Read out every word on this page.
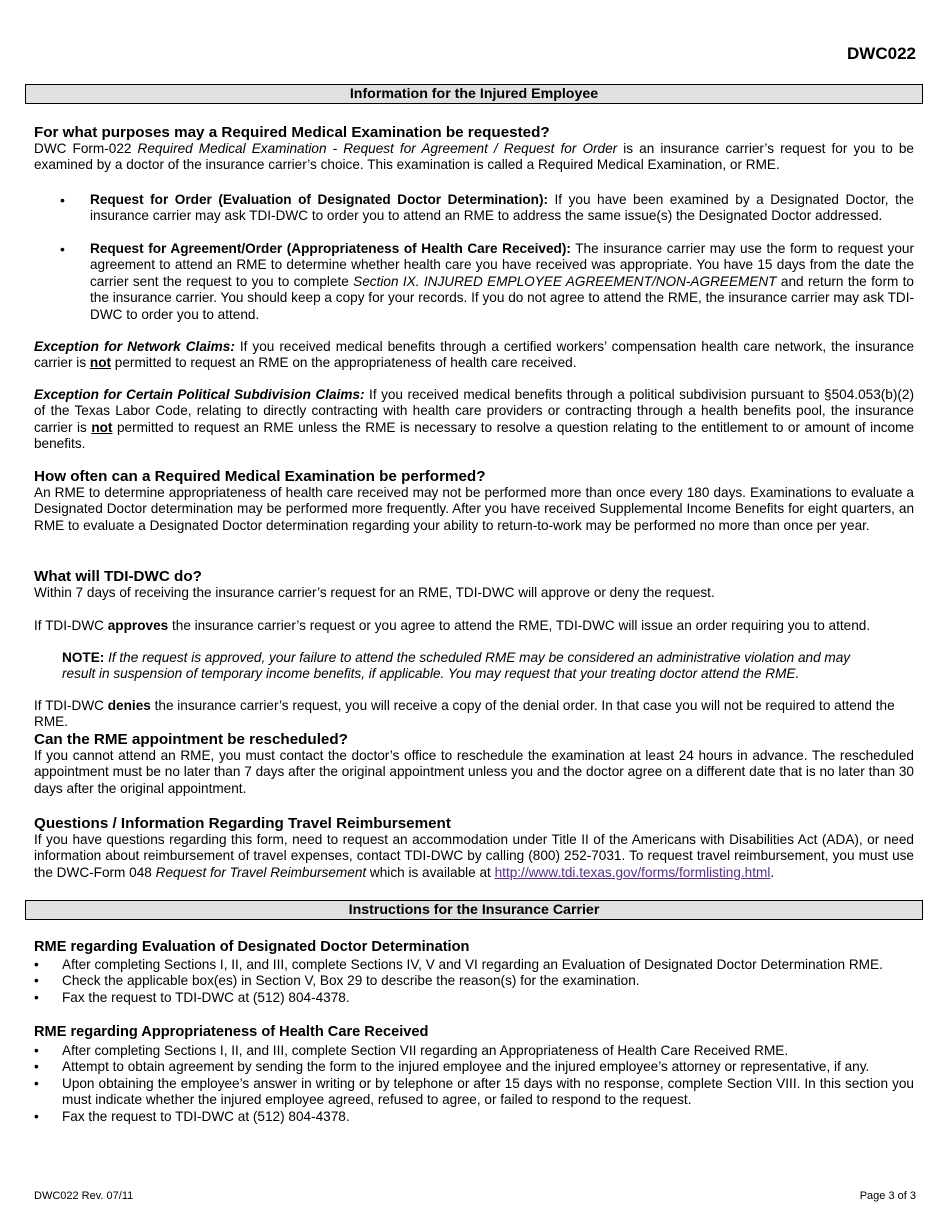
DWC022
Information for the Injured Employee

For what purposes may a Required Medical Examination be requested?

DWC Form-022 Required Medical Examination - Request for Agreement / Request for Order is an insurance carrier’s request for you to be examined by a doctor of the insurance carrier’s choice. This examination is called a Required Medical Examination, or RME.

Request for Order (Evaluation of Designated Doctor Determination): If you have been examined by a Designated Doctor, the insurance carrier may ask TDI-DWC to order you to attend an RME to address the same issue(s) the Designated Doctor addressed.
Request for Agreement/Order (Appropriateness of Health Care Received): The insurance carrier may use the form to request your agreement to attend an RME to determine whether health care you have received was appropriate. You have 15 days from the date the carrier sent the request to you to complete Section IX. INJURED EMPLOYEE AGREEMENT/NON-AGREEMENT and return the form to the insurance carrier. You should keep a copy for your records. If you do not agree to attend the RME, the insurance carrier may ask TDI-DWC to order you to attend.
Exception for Network Claims: If you received medical benefits through a certified workers’ compensation health care network, the insurance carrier is not permitted to request an RME on the appropriateness of health care received.
Exception for Certain Political Subdivision Claims: If you received medical benefits through a political subdivision pursuant to §504.053(b)(2) of the Texas Labor Code, relating to directly contracting with health care providers or contracting through a health benefits pool, the insurance carrier is not permitted to request an RME unless the RME is necessary to resolve a question relating to the entitlement to or amount of income benefits.

How often can a Required Medical Examination be performed?

An RME to determine appropriateness of health care received may not be performed more than once every 180 days. Examinations to evaluate a Designated Doctor determination may be performed more frequently. After you have received Supplemental Income Benefits for eight quarters, an RME to evaluate a Designated Doctor determination regarding your ability to return-to-work may be performed no more than once per year.

What will TDI-DWC do?

Within 7 days of receiving the insurance carrier’s request for an RME, TDI-DWC will approve or deny the request.

If TDI-DWC approves the insurance carrier’s request or you agree to attend the RME, TDI-DWC will issue an order requiring you to attend.
NOTE: If the request is approved, your failure to attend the scheduled RME may be considered an administrative violation and may result in suspension of temporary income benefits, if applicable. You may request that your treating doctor attend the RME.
If TDI-DWC denies the insurance carrier’s request, you will receive a copy of the denial order. In that case you will not be required to attend the RME.

Can the RME appointment be rescheduled?

If you cannot attend an RME, you must contact the doctor’s office to reschedule the examination at least 24 hours in advance. The rescheduled appointment must be no later than 7 days after the original appointment unless you and the doctor agree on a different date that is no later than 30 days after the original appointment.

Questions / Information Regarding Travel Reimbursement

If you have questions regarding this form, need to request an accommodation under Title II of the Americans with Disabilities Act (ADA), or need information about reimbursement of travel expenses, contact TDI-DWC by calling (800) 252-7031. To request travel reimbursement, you must use the DWC-Form 048 Request for Travel Reimbursement which is available at http://www.tdi.texas.gov/forms/formlisting.html.

Instructions for the Insurance Carrier

RME regarding Evaluation of Designated Doctor Determination

• After completing Sections I, II, and III, complete Sections IV, V and VI regarding an Evaluation of Designated Doctor Determination RME.
• Check the applicable box(es) in Section V, Box 29 to describe the reason(s) for the examination.
• Fax the request to TDI-DWC at (512) 804-4378.

RME regarding Appropriateness of Health Care Received

• After completing Sections I, II, and III, complete Section VII regarding an Appropriateness of Health Care Received RME.
• Attempt to obtain agreement by sending the form to the injured employee and the injured employee’s attorney or representative, if any.
• Upon obtaining the employee’s answer in writing or by telephone or after 15 days with no response, complete Section VIII. In this section you must indicate whether the injured employee agreed, refused to agree, or failed to respond to the request.
• Fax the request to TDI-DWC at (512) 804-4378.
DWC022 Rev. 07/11	Page 3 of 3
